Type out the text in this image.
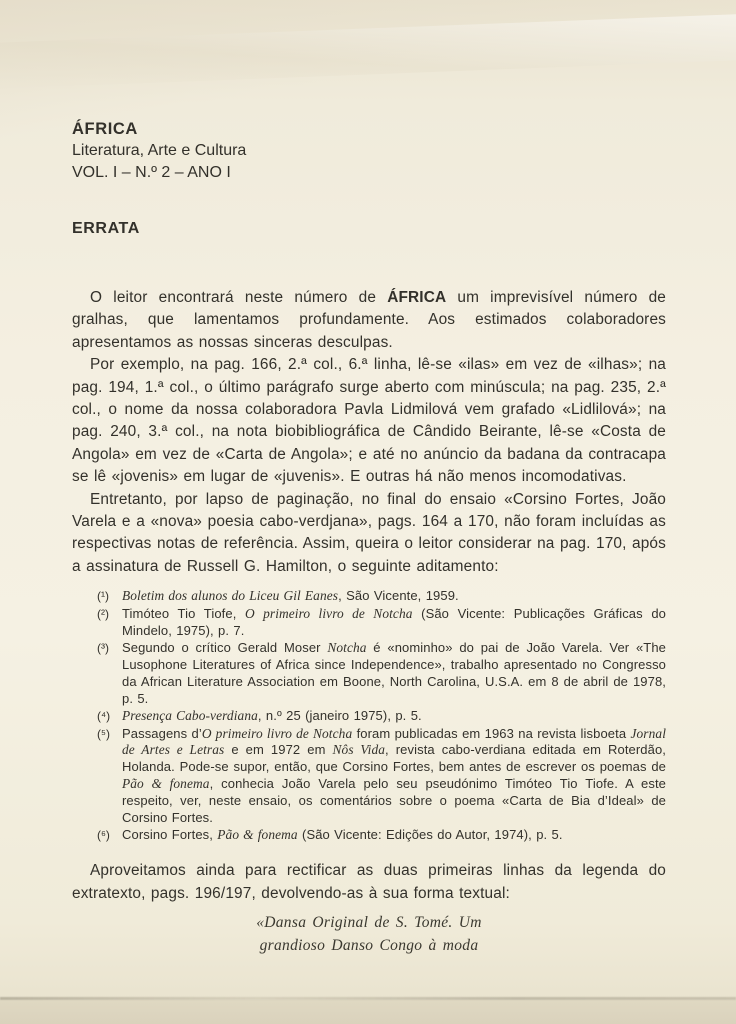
ÁFRICA
Literatura, Arte e Cultura
VOL. I – N.º 2 – ANO I
ERRATA

O leitor encontrará neste número de ÁFRICA um imprevisível número de gralhas, que lamentamos profundamente. Aos estimados colaboradores apresentamos as nossas sinceras desculpas.

Por exemplo, na pag. 166, 2.ª col., 6.ª linha, lê-se «ilas» em vez de «ilhas»; na pag. 194, 1.ª col., o último parágrafo surge aberto com minúscula; na pag. 235, 2.ª col., o nome da nossa colaboradora Pavla Lidmilová vem grafado «Lidlilová»; na pag. 240, 3.ª col., na nota biobibliográfica de Cândido Beirante, lê-se «Costa de Angola» em vez de «Carta de Angola»; e até no anúncio da badana da contracapa se lê «jovenis» em lugar de «juvenis». E outras há não menos incomodativas.

Entretanto, por lapso de paginação, no final do ensaio «Corsino Fortes, João Varela e a «nova» poesia cabo-verdjana», pags. 164 a 170, não foram incluídas as respectivas notas de referência. Assim, queira o leitor considerar na pag. 170, após a assinatura de Russell G. Hamilton, o seguinte aditamento:

(¹) Boletim dos alunos do Liceu Gil Eanes, São Vicente, 1959.
(²)	Timóteo Tio Tiofe, O primeiro livro de Notcha (São Vicente: Publicações Gráficas do Mindelo, 1975), p. 7.
(³)	Segundo o crítico Gerald Moser Notcha é «nominho» do pai de João Varela. Ver «The Lusophone Literatures of Africa since Independence», trabalho apresentado no Congresso da African Literature Association em Boone, North Carolina, U.S.A. em 8 de abril de 1978, p. 5.
(⁴) Presença Cabo-verdiana, n.º 25 (janeiro 1975), p. 5.
(⁵) Passagens d’O primeiro livro de Notcha foram publicadas em 1963 na revista lisboeta Jornal de Artes e Letras e em 1972 em Nôs Vida, revista cabo-verdiana editada em Roterdão, Holanda. Pode-se supor, então, que Corsino Fortes, bem antes de escrever os poemas de Pão & fonema, conhecia João Varela pelo seu pseudónimo Timóteo Tio Tiofe. A este respeito, ver, neste ensaio, os comentários sobre o poema «Carta de Bia d’Ideal» de Corsino Fortes.
(⁶) Corsino Fortes, Pão & fonema (São Vicente: Edições do Autor, 1974), p. 5.

Aproveitamos ainda para rectificar as duas primeiras linhas da legenda do extratexto, pags. 196/197, devolvendo-as à sua forma textual:

«Dansa Original de S. Tomé. Um
grandioso Danso Congo à moda
